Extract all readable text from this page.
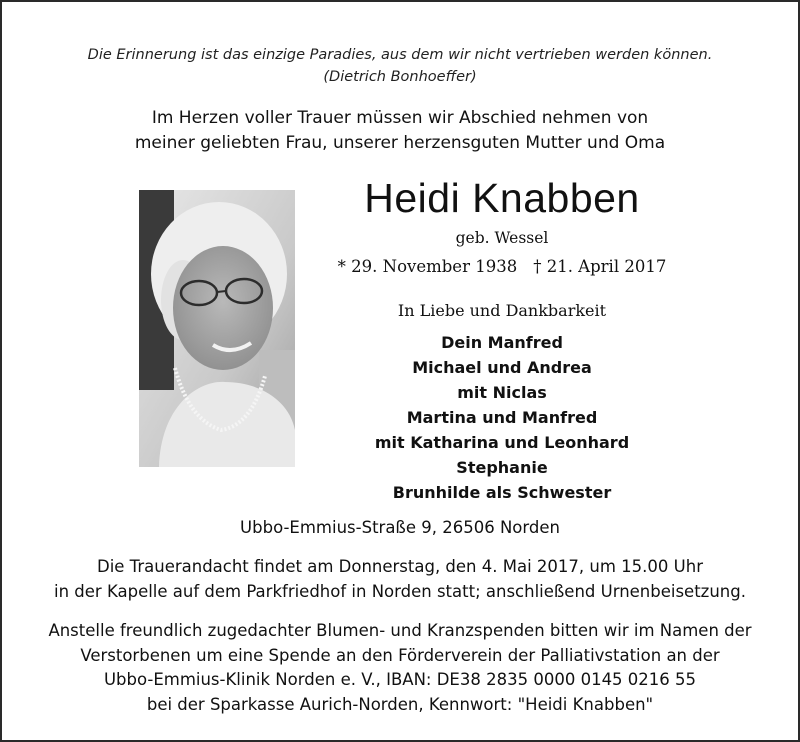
Die Erinnerung ist das einzige Paradies, aus dem wir nicht vertrieben werden können.
(Dietrich Bonhoeffer)
Im Herzen voller Trauer müssen wir Abschied nehmen von
meiner geliebten Frau, unserer herzensguten Mutter und Oma
Heidi Knabben
geb. Wessel
* 29. November 1938 † 21. April 2017
In Liebe und Dankbarkeit
Dein Manfred
Michael und Andrea
mit Niclas
Martina und Manfred
mit Katharina und Leonhard
Stephanie
Brunhilde als Schwester
Ubbo-Emmius-Straße 9, 26506 Norden
Die Trauerandacht findet am Donnerstag, den 4. Mai 2017, um 15.00 Uhr
in der Kapelle auf dem Parkfriedhof in Norden statt; anschließend Urnenbeisetzung.
Anstelle freundlich zugedachter Blumen- und Kranzspenden bitten wir im Namen der
Verstorbenen um eine Spende an den Förderverein der Palliativstation an der
Ubbo-Emmius-Klinik Norden e. V., IBAN: DE38 2835 0000 0145 0216 55
bei der Sparkasse Aurich-Norden, Kennwort: "Heidi Knabben"
